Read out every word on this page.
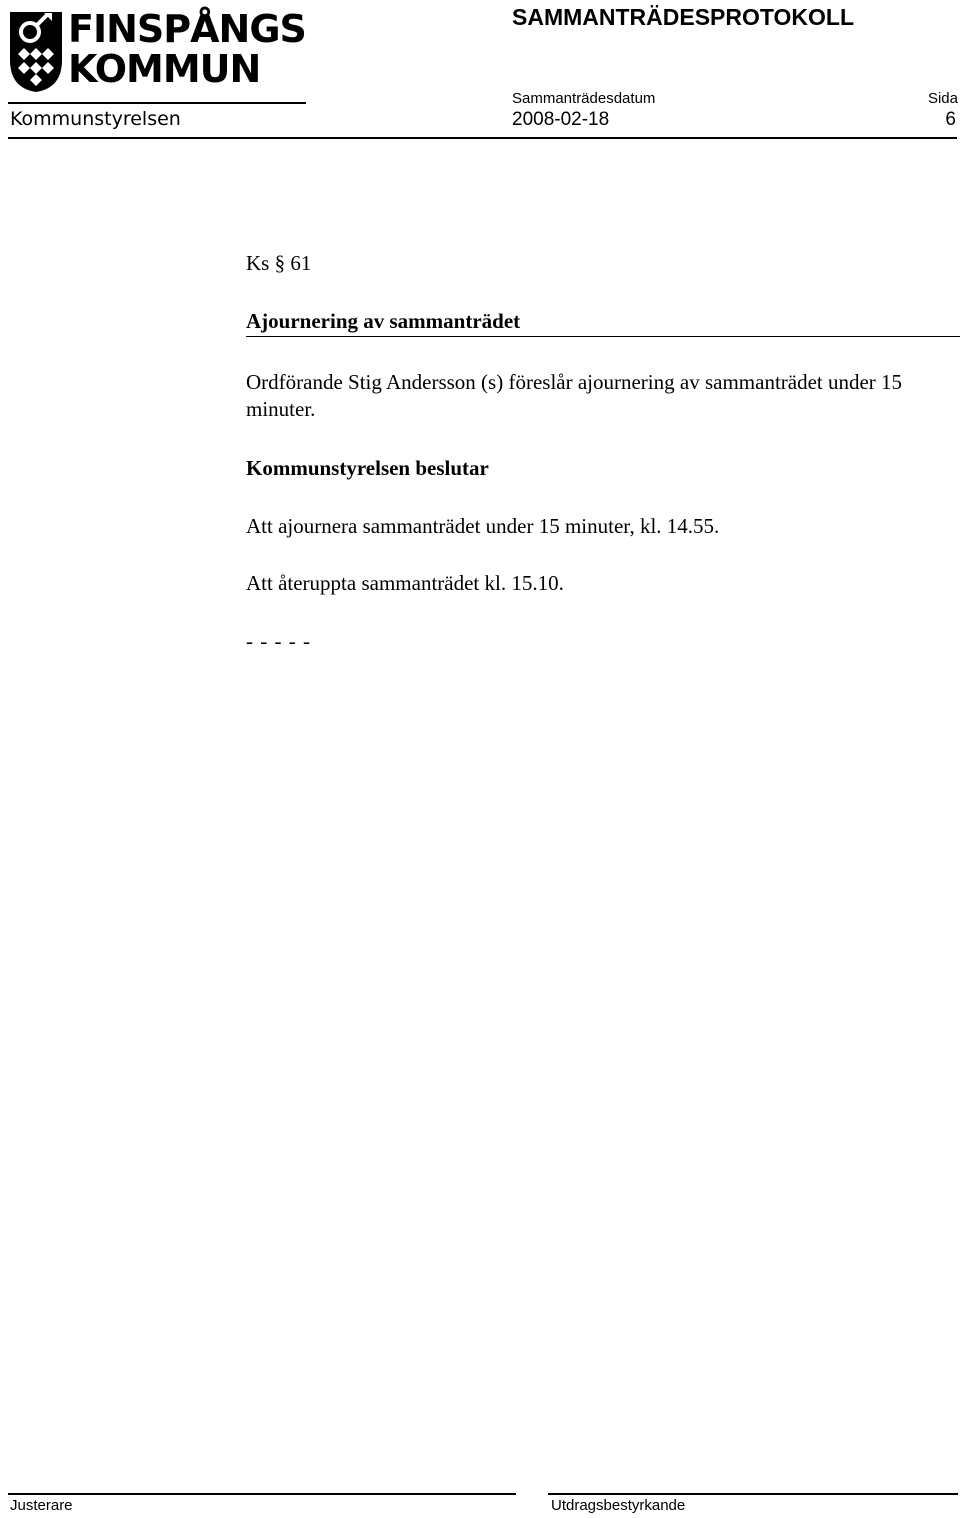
FINSPÅNGS
KOMMUN
Kommunstyrelsen
SAMMANTRÄDESPROTOKOLL
Sammanträdesdatum	Sida
2008-02-18	6
Ks § 61
Ajournering av sammanträdet
Ordförande Stig Andersson (s) föreslår ajournering av sammanträdet under 15 minuter.
Kommunstyrelsen beslutar
Att ajournera sammanträdet under 15 minuter, kl. 14.55.
Att återuppta sammanträdet kl. 15.10.
- - - - -
Justerare	Utdragsbestyrkande
